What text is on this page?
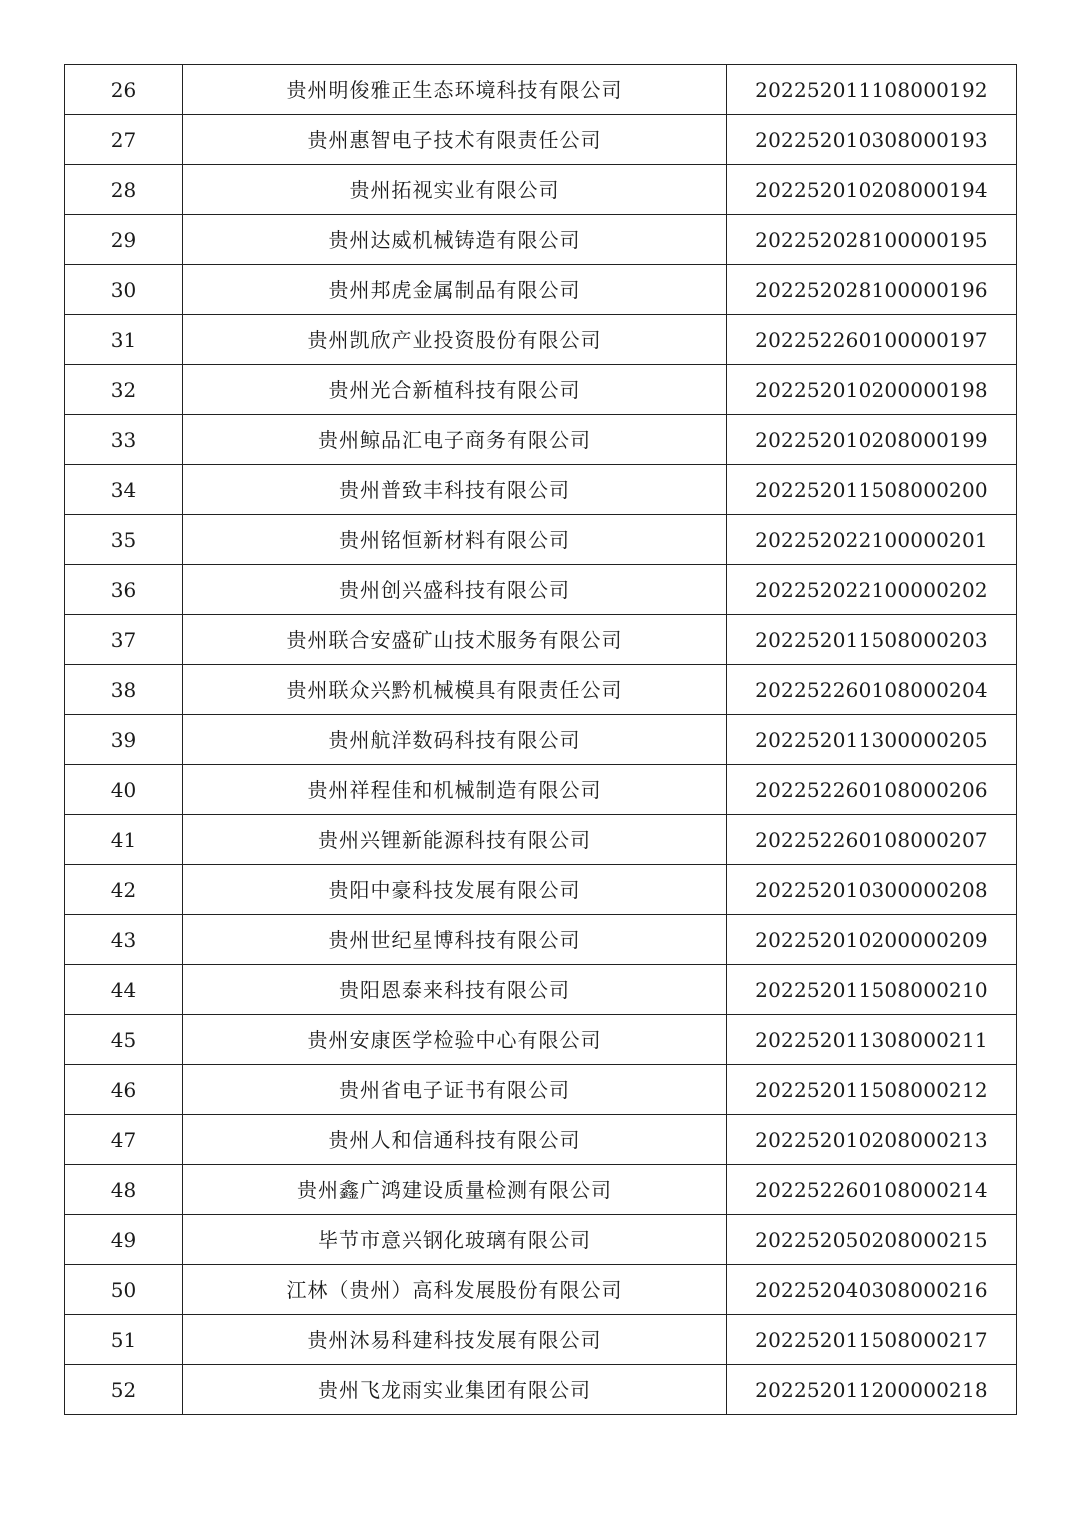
26	贵州明俊雅正生态环境科技有限公司	202252011108000192
27	贵州惠智电子技术有限责任公司	202252010308000193
28	贵州拓视实业有限公司	202252010208000194
29	贵州达威机械铸造有限公司	202252028100000195
30	贵州邦虎金属制品有限公司	202252028100000196
31	贵州凯欣产业投资股份有限公司	202252260100000197
32	贵州光合新植科技有限公司	202252010200000198
33	贵州鲸品汇电子商务有限公司	202252010208000199
34	贵州普致丰科技有限公司	202252011508000200
35	贵州铭恒新材料有限公司	202252022100000201
36	贵州创兴盛科技有限公司	202252022100000202
37	贵州联合安盛矿山技术服务有限公司	202252011508000203
38	贵州联众兴黔机械模具有限责任公司	202252260108000204
39	贵州航洋数码科技有限公司	202252011300000205
40	贵州祥程佳和机械制造有限公司	202252260108000206
41	贵州兴锂新能源科技有限公司	202252260108000207
42	贵阳中豪科技发展有限公司	202252010300000208
43	贵州世纪星博科技有限公司	202252010200000209
44	贵阳恩泰来科技有限公司	202252011508000210
45	贵州安康医学检验中心有限公司	202252011308000211
46	贵州省电子证书有限公司	202252011508000212
47	贵州人和信通科技有限公司	202252010208000213
48	贵州鑫广鸿建设质量检测有限公司	202252260108000214
49	毕节市意兴钢化玻璃有限公司	202252050208000215
50	江林（贵州）高科发展股份有限公司	202252040308000216
51	贵州沐易科建科技发展有限公司	202252011508000217
52	贵州飞龙雨实业集团有限公司	202252011200000218
